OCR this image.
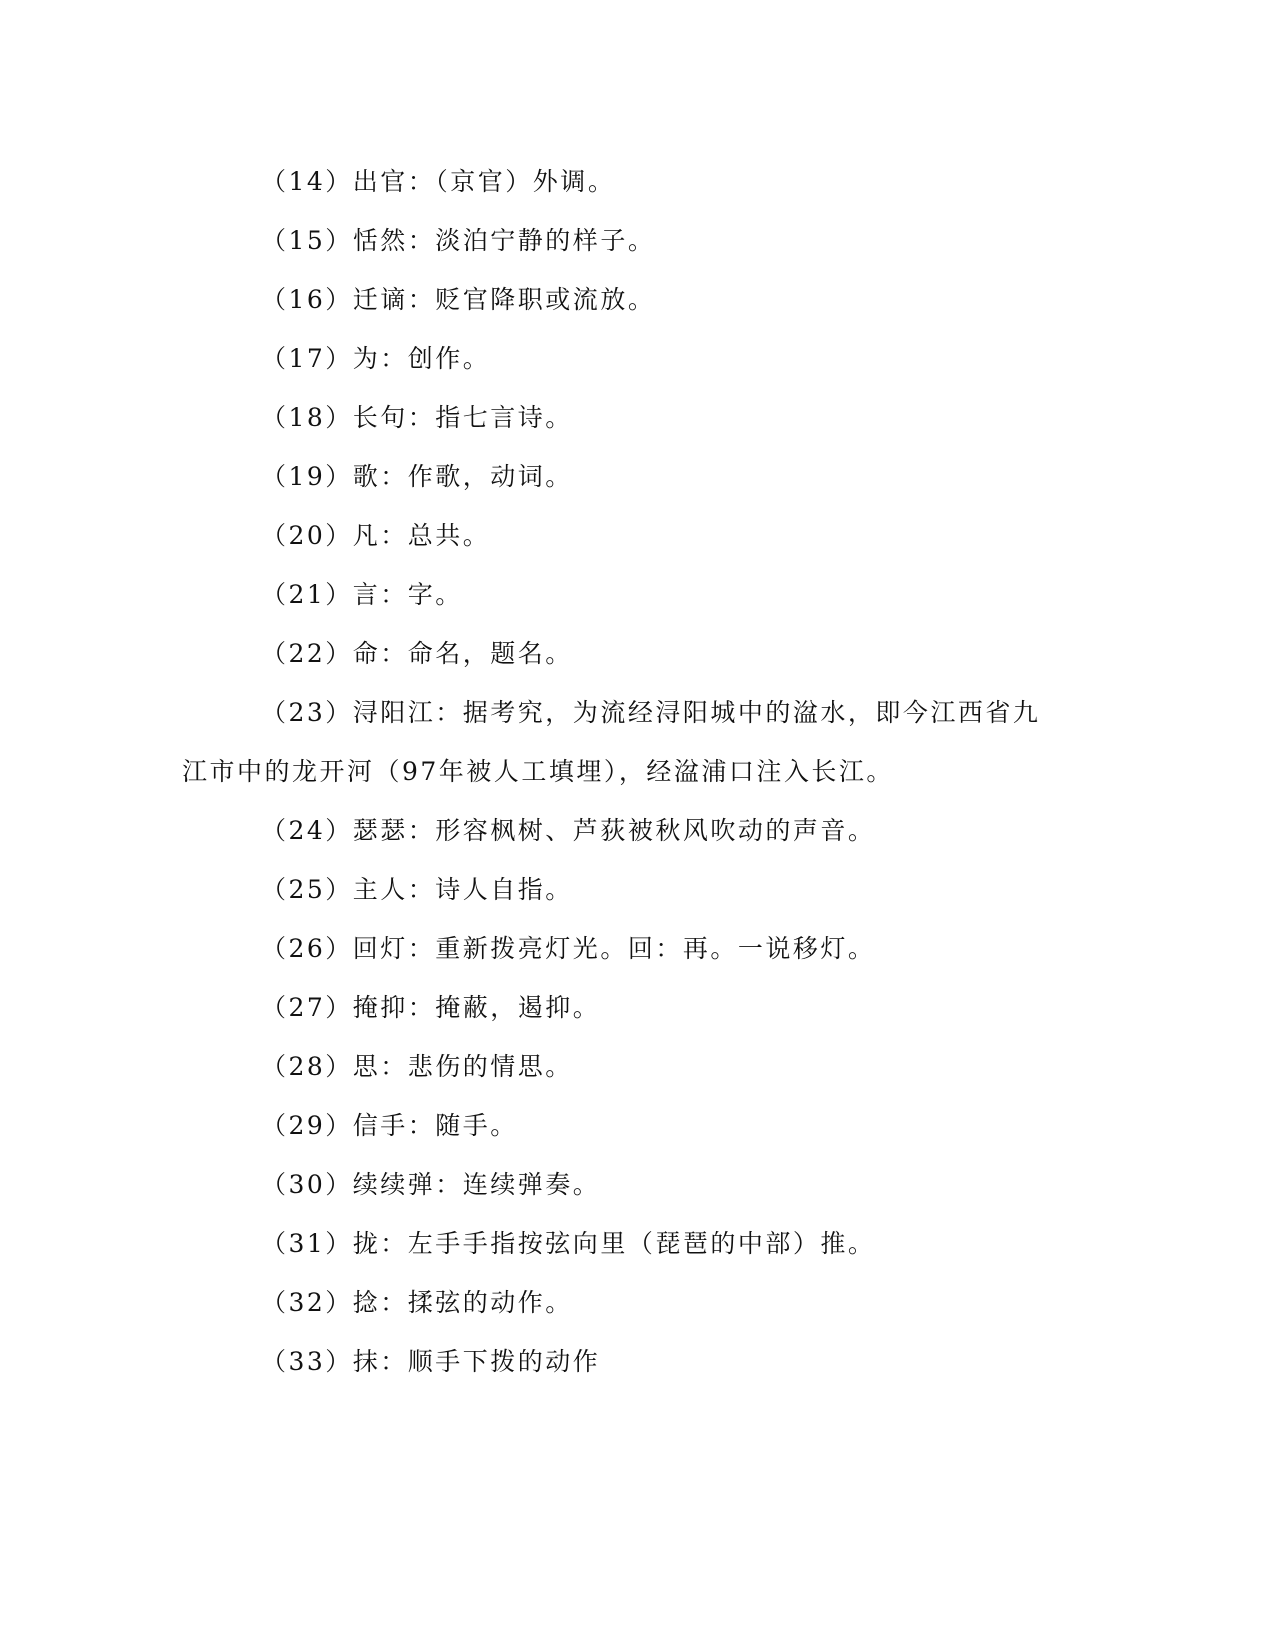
（14）出官：（京官）外调。
（15）恬然：淡泊宁静的样子。
（16）迁谪：贬官降职或流放。
（17）为：创作。
（18）长句：指七言诗。
（19）歌：作歌，动词。
（20）凡：总共。
（21）言：字。
（22）命：命名，题名。
（23）浔阳江：据考究，为流经浔阳城中的湓水，即今江西省九江市中的龙开河（97年被人工填埋），经湓浦口注入长江。
（24）瑟瑟：形容枫树、芦荻被秋风吹动的声音。
（25）主人：诗人自指。
（26）回灯：重新拨亮灯光。回：再。一说移灯。
（27）掩抑：掩蔽，遏抑。
（28）思：悲伤的情思。
（29）信手：随手。
（30）续续弹：连续弹奏。
（31）拢：左手手指按弦向里（琵琶的中部）推。
（32）捻：揉弦的动作。
（33）抹：顺手下拨的动作
